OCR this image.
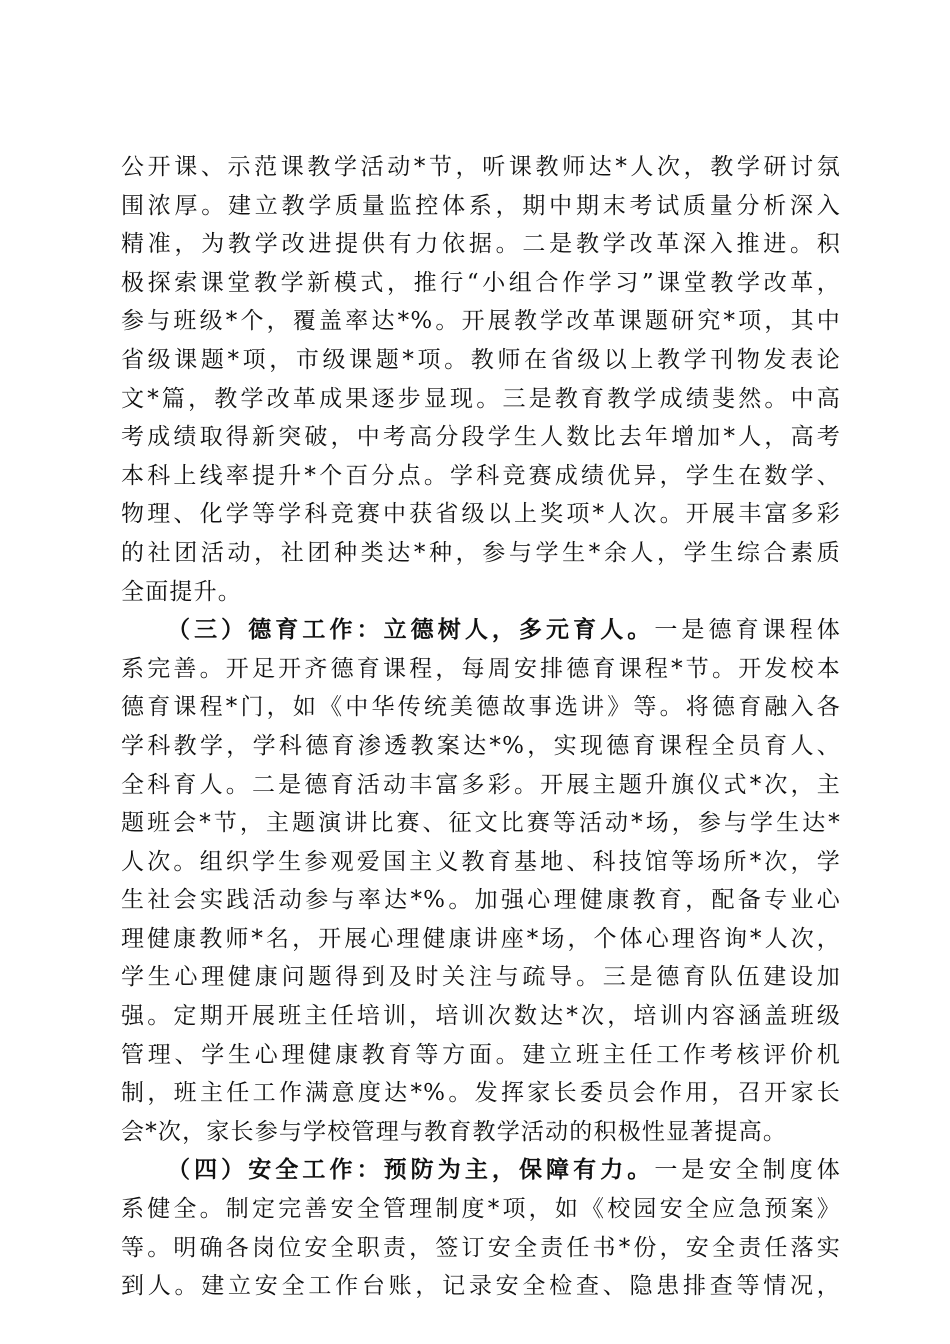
公开课、示范课教学活动*节，听课教师达*人次，教学研讨氛
围浓厚。建立教学质量监控体系，期中期末考试质量分析深入
精准，为教学改进提供有力依据。二是教学改革深入推进。积
极探索课堂教学新模式，推行“小组合作学习”课堂教学改革，
参与班级*个，覆盖率达*%。开展教学改革课题研究*项，其中
省级课题*项，市级课题*项。教师在省级以上教学刊物发表论
文*篇，教学改革成果逐步显现。三是教育教学成绩斐然。中高
考成绩取得新突破，中考高分段学生人数比去年增加*人，高考
本科上线率提升*个百分点。学科竞赛成绩优异，学生在数学、
物理、化学等学科竞赛中获省级以上奖项*人次。开展丰富多彩
的社团活动，社团种类达*种，参与学生*余人，学生综合素质
全面提升。
（三）德育工作：立德树人，多元育人。一是德育课程体
系完善。开足开齐德育课程，每周安排德育课程*节。开发校本
德育课程*门，如《中华传统美德故事选讲》等。将德育融入各
学科教学，学科德育渗透教案达*%，实现德育课程全员育人、
全科育人。二是德育活动丰富多彩。开展主题升旗仪式*次，主
题班会*节，主题演讲比赛、征文比赛等活动*场，参与学生达*
人次。组织学生参观爱国主义教育基地、科技馆等场所*次，学
生社会实践活动参与率达*%。加强心理健康教育，配备专业心
理健康教师*名，开展心理健康讲座*场，个体心理咨询*人次，
学生心理健康问题得到及时关注与疏导。三是德育队伍建设加
强。定期开展班主任培训，培训次数达*次，培训内容涵盖班级
管理、学生心理健康教育等方面。建立班主任工作考核评价机
制，班主任工作满意度达*%。发挥家长委员会作用，召开家长
会*次，家长参与学校管理与教育教学活动的积极性显著提高。
（四）安全工作：预防为主，保障有力。一是安全制度体
系健全。制定完善安全管理制度*项，如《校园安全应急预案》
等。明确各岗位安全职责，签订安全责任书*份，安全责任落实
到人。建立安全工作台账，记录安全检查、隐患排查等情况，
